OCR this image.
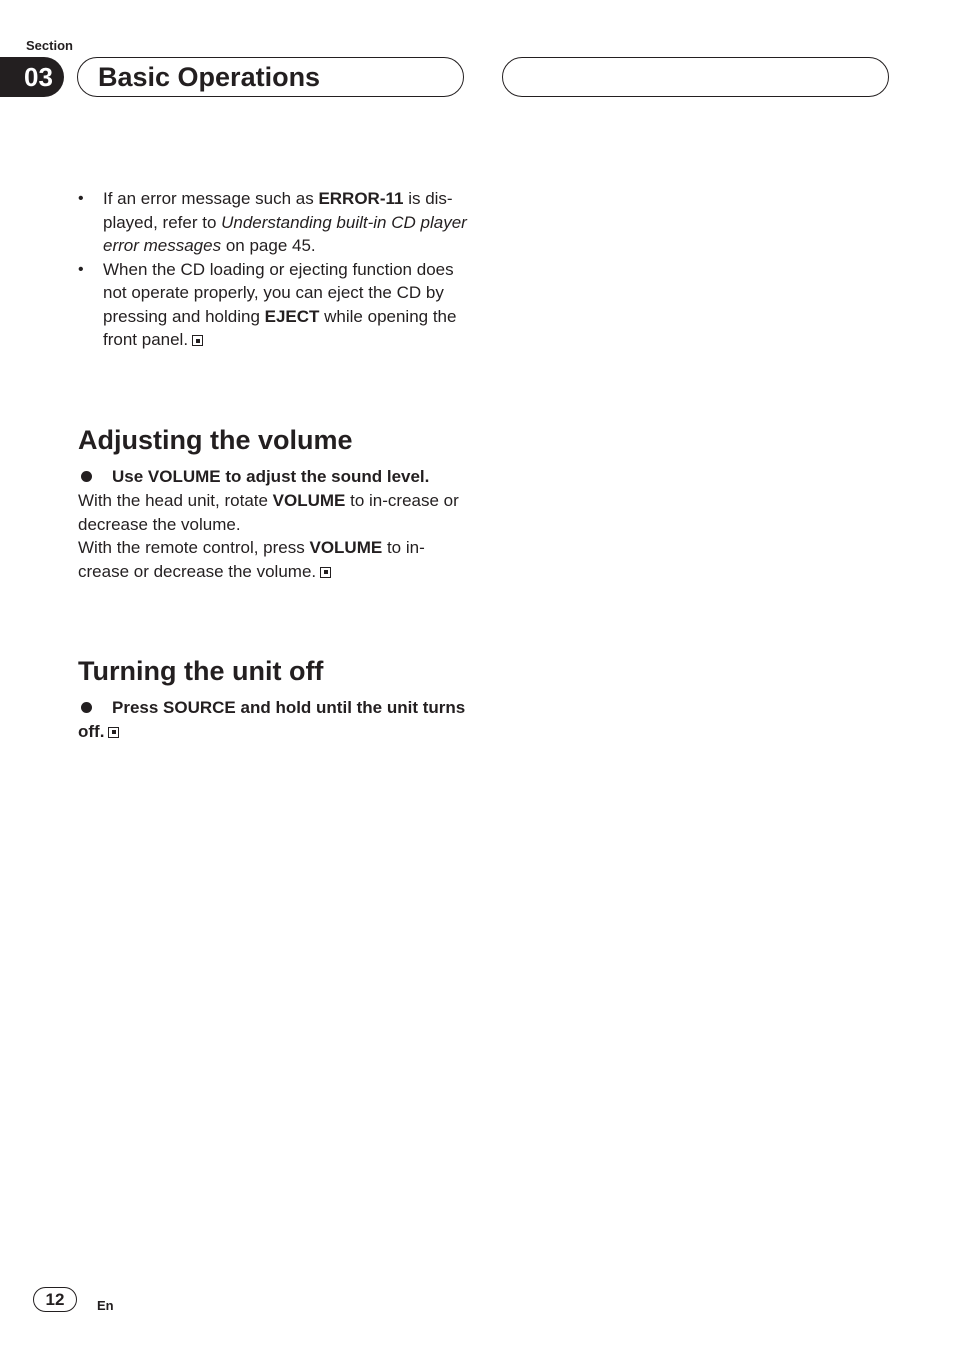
Section
03	Basic Operations
• If an error message such as ERROR-11 is dis-played, refer to Understanding built-in CD player error messages on page 45.
• When the CD loading or ejecting function does not operate properly, you can eject the CD by pressing and holding EJECT while opening the front panel.
Adjusting the volume
Use VOLUME to adjust the sound level.
With the head unit, rotate VOLUME to in-crease or decrease the volume.
With the remote control, press VOLUME to in-crease or decrease the volume.
Turning the unit off
Press SOURCE and hold until the unit turns off.
12	En
